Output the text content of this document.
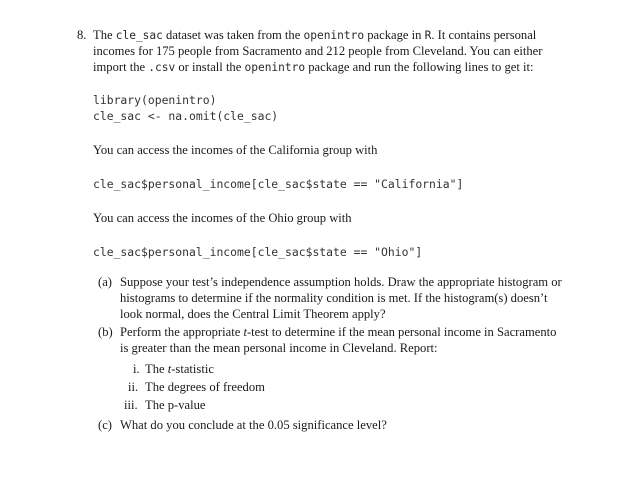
8. The cle_sac dataset was taken from the openintro package in R. It contains personal
incomes for 175 people from Sacramento and 212 people from Cleveland. You can either
import the .csv or install the openintro package and run the following lines to get it:
library(openintro)
cle_sac <- na.omit(cle_sac)
You can access the incomes of the California group with
cle_sac$personal_income[cle_sac$state == "California"]
You can access the incomes of the Ohio group with
cle_sac$personal_income[cle_sac$state == "Ohio"]
(a) Suppose your test’s independence assumption holds. Draw the appropriate histogram or
histograms to determine if the normality condition is met. If the histogram(s) doesn’t
look normal, does the Central Limit Theorem apply?
(b) Perform the appropriate t-test to determine if the mean personal income in Sacramento
is greater than the mean personal income in Cleveland. Report:
i. The t-statistic
ii. The degrees of freedom
iii. The p-value
(c) What do you conclude at the 0.05 significance level?
